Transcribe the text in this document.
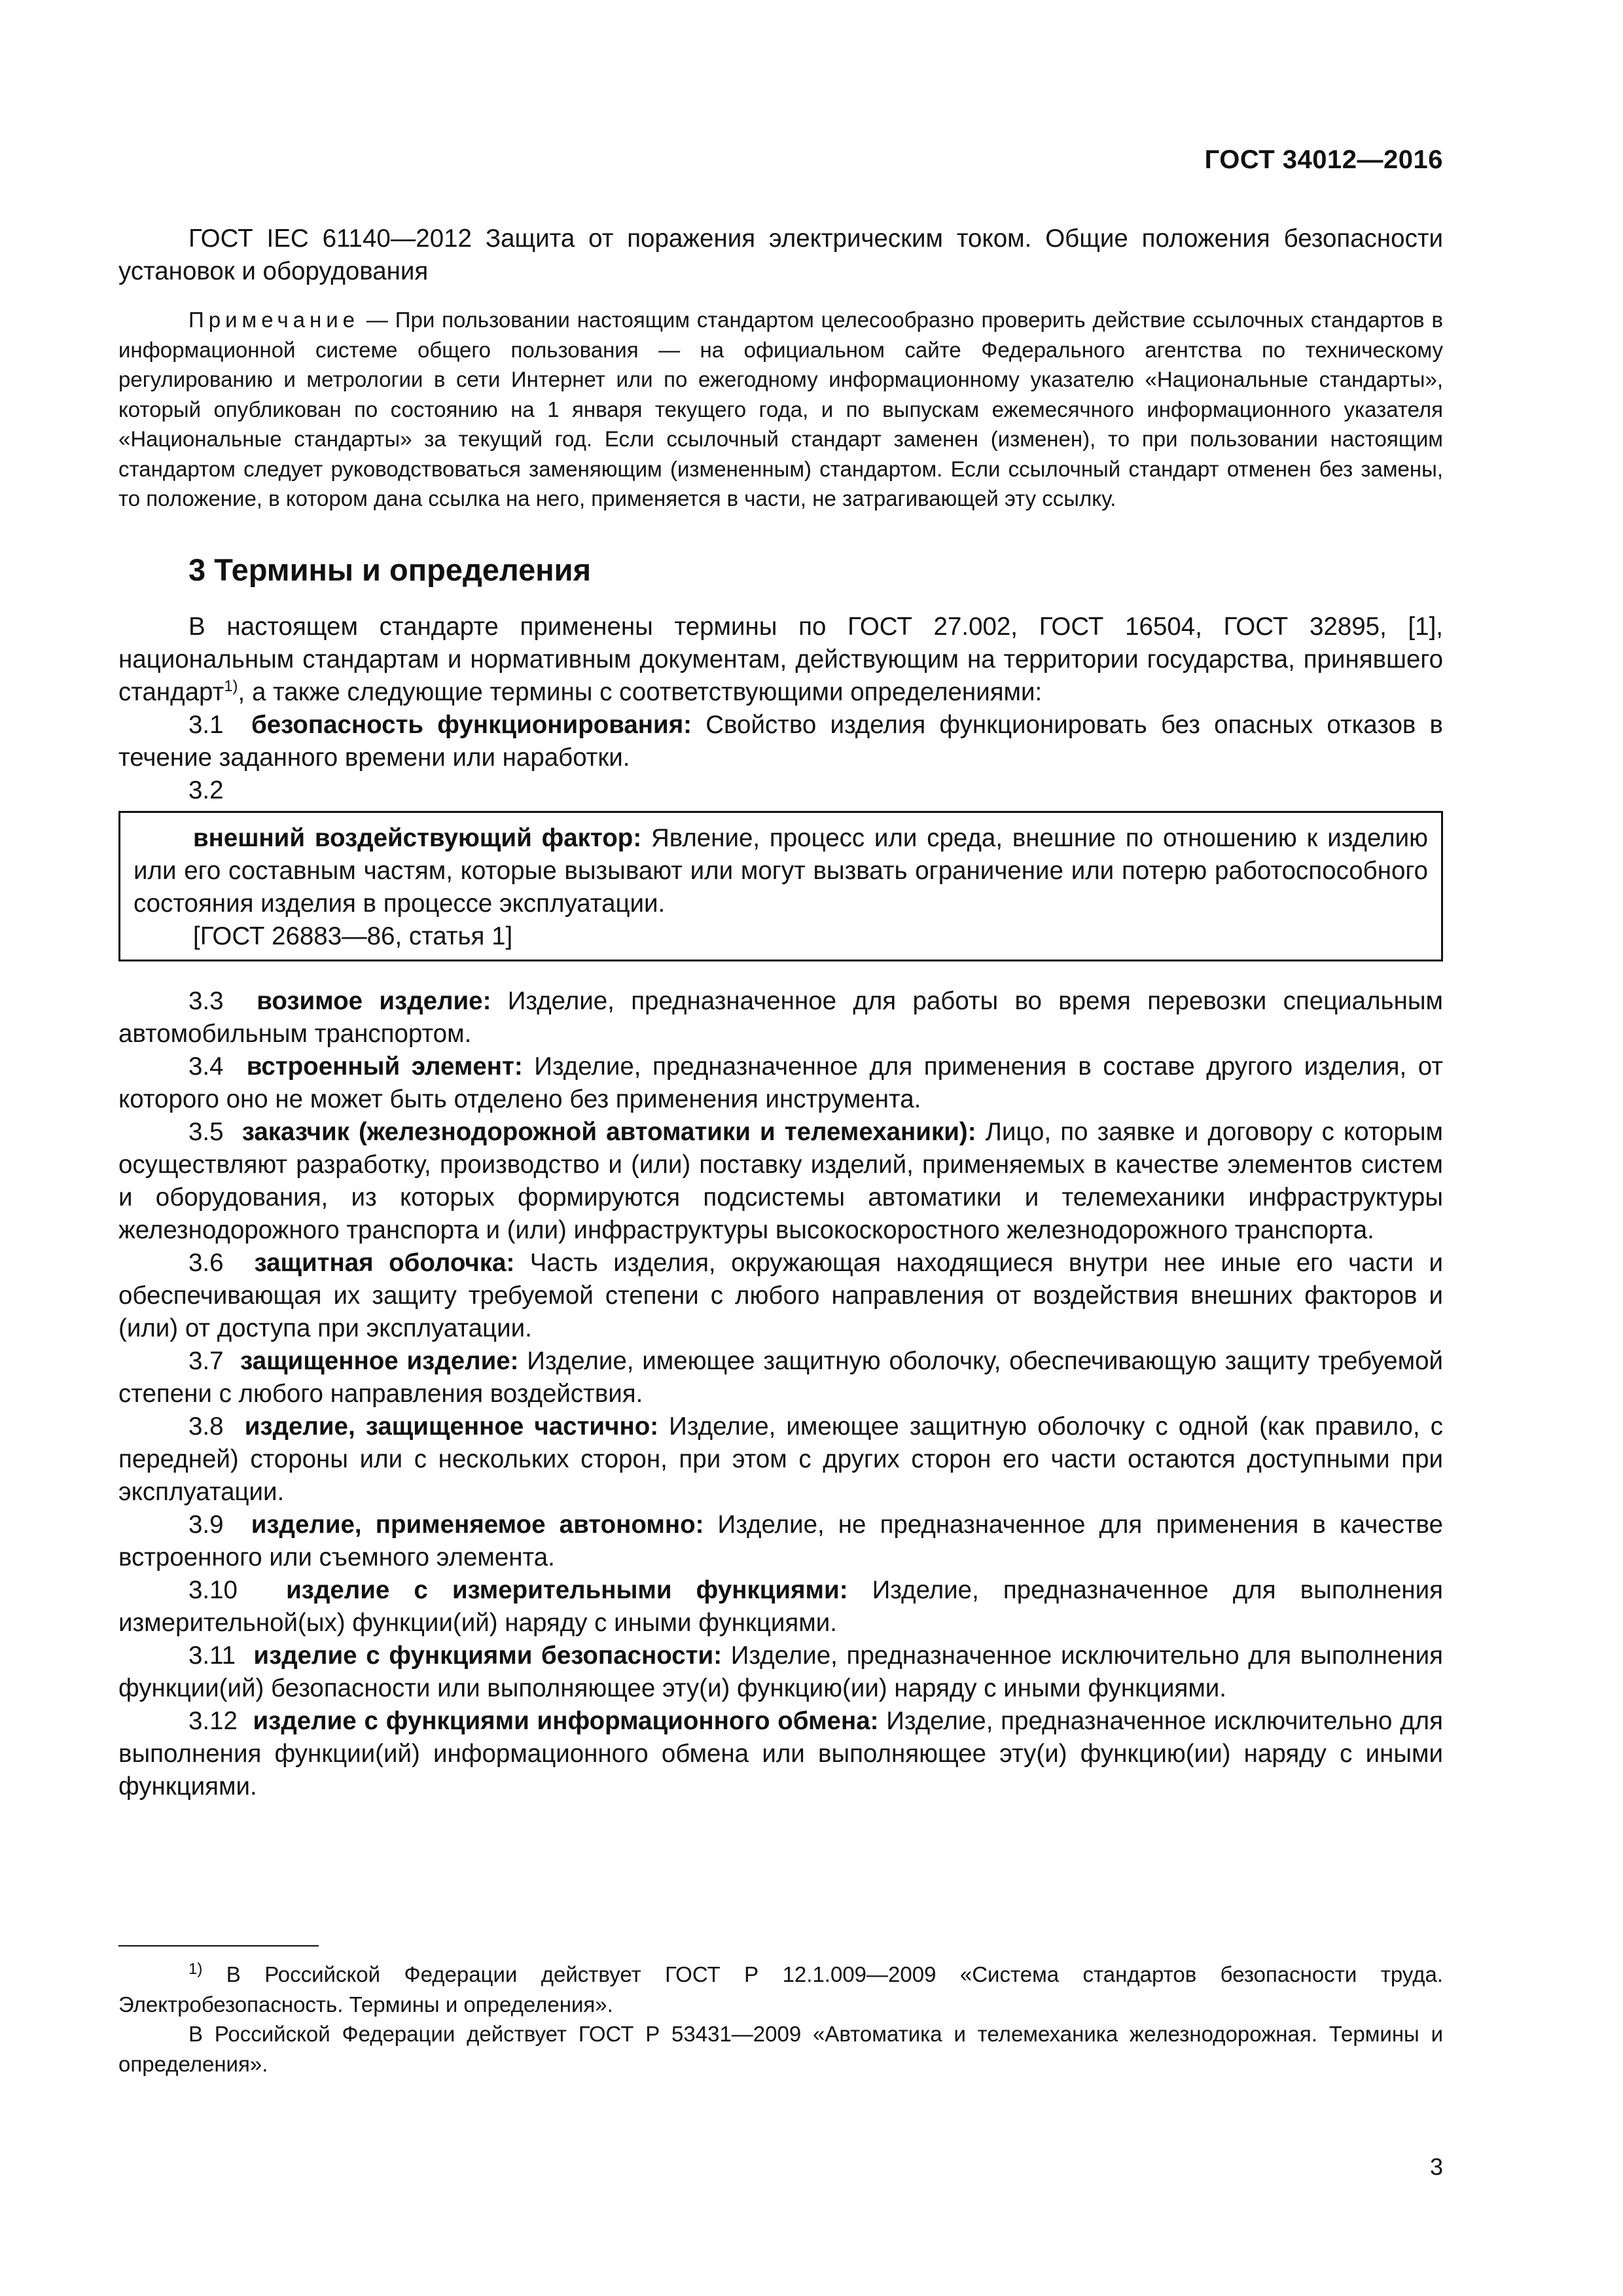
ГОСТ 34012—2016

ГОСТ IEC 61140—2012 Защита от поражения электрическим током. Общие положения безопасности установок и оборудования

Примечание — При пользовании настоящим стандартом целесообразно проверить действие ссылочных стандартов в информационной системе общего пользования — на официальном сайте Федерального агентства по техническому регулированию и метрологии в сети Интернет или по ежегодному информационному указателю «Национальные стандарты», который опубликован по состоянию на 1 января текущего года, и по выпускам ежемесячного информационного указателя «Национальные стандарты» за текущий год. Если ссылочный стандарт заменен (изменен), то при пользовании настоящим стандартом следует руководствоваться заменяющим (измененным) стандартом. Если ссылочный стандарт отменен без замены, то положение, в котором дана ссылка на него, применяется в части, не затрагивающей эту ссылку.

3 Термины и определения

В настоящем стандарте применены термины по ГОСТ 27.002, ГОСТ 16504, ГОСТ 32895, [1], национальным стандартам и нормативным документам, действующим на территории государства, принявшего стандарт$^{1)}$, а также следующие термины с соответствующими определениями:

3.1 безопасность функционирования: Свойство изделия функционировать без опасных отказов в течение заданного времени или наработки.

3.2

внешний воздействующий фактор: Явление, процесс или среда, внешние по отношению к изделию или его составным частям, которые вызывают или могут вызвать ограничение или потерю работоспособного состояния изделия в процессе эксплуатации.

[ГОСТ 26883—86, статья 1]

3.3 возимое изделие: Изделие, предназначенное для работы во время перевозки специальным автомобильным транспортом.

3.4 встроенный элемент: Изделие, предназначенное для применения в составе другого изделия, от которого оно не может быть отделено без применения инструмента.

3.5 заказчик (железнодорожной автоматики и телемеханики): Лицо, по заявке и договору с которым осуществляют разработку, производство и (или) поставку изделий, применяемых в качестве элементов систем и оборудования, из которых формируются подсистемы автоматики и телемеханики инфраструктуры железнодорожного транспорта и (или) инфраструктуры высокоскоростного железнодорожного транспорта.

3.6 защитная оболочка: Часть изделия, окружающая находящиеся внутри нее иные его части и обеспечивающая их защиту требуемой степени с любого направления от воздействия внешних факторов и (или) от доступа при эксплуатации.

3.7 защищенное изделие: Изделие, имеющее защитную оболочку, обеспечивающую защиту требуемой степени с любого направления воздействия.

3.8 изделие, защищенное частично: Изделие, имеющее защитную оболочку с одной (как правило, с передней) стороны или с нескольких сторон, при этом с других сторон его части остаются доступными при эксплуатации.

3.9 изделие, применяемое автономно: Изделие, не предназначенное для применения в качестве встроенного или съемного элемента.

3.10 изделие с измерительными функциями: Изделие, предназначенное для выполнения измерительной(ых) функции(ий) наряду с иными функциями.

3.11 изделие с функциями безопасности: Изделие, предназначенное исключительно для выполнения функции(ий) безопасности или выполняющее эту(и) функцию(ии) наряду с иными функциями.

3.12 изделие с функциями информационного обмена: Изделие, предназначенное исключительно для выполнения функции(ий) информационного обмена или выполняющее эту(и) функцию(ии) наряду с иными функциями.

$^{1)}$ В Российской Федерации действует ГОСТ Р 12.1.009—2009 «Система стандартов безопасности труда. Электробезопасность. Термины и определения».

В Российской Федерации действует ГОСТ Р 53431—2009 «Автоматика и телемеханика железнодорожная. Термины и определения».

3
